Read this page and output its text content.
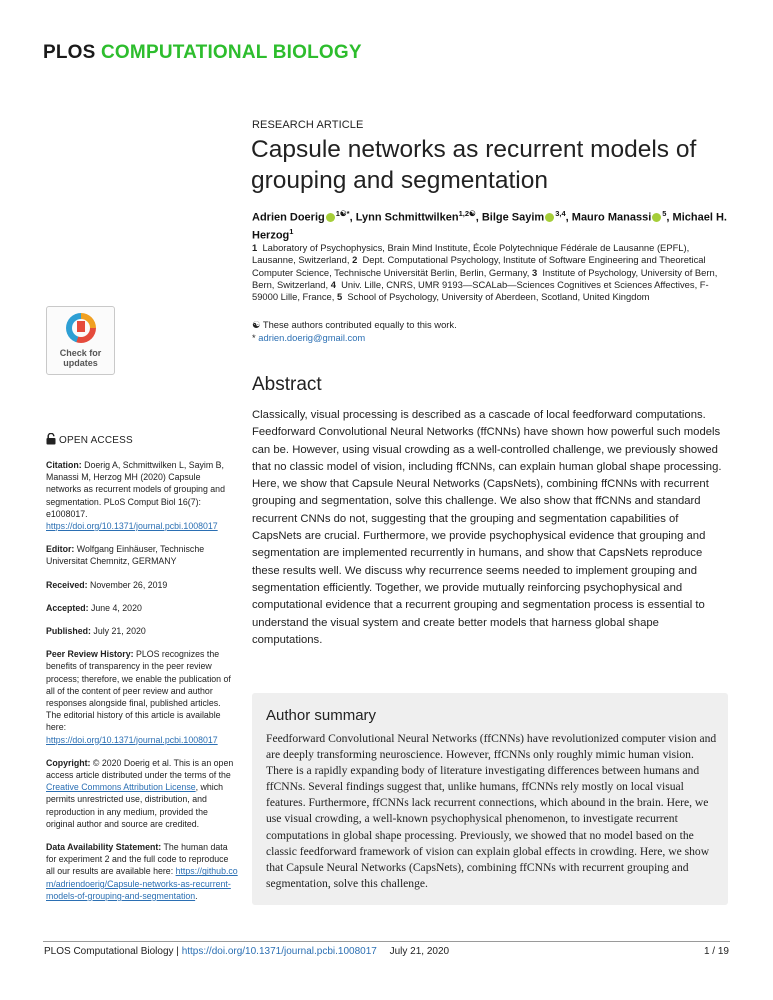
PLOS COMPUTATIONAL BIOLOGY
RESEARCH ARTICLE
Capsule networks as recurrent models of grouping and segmentation
Adrien Doerig $^{1☯*}$, Lynn Schmittwilken$^{1,2☯}$, Bilge Sayim $^{3,4}$, Mauro Manassi $^5$, Michael H. Herzog$^1$
1 Laboratory of Psychophysics, Brain Mind Institute, École Polytechnique Fédérale de Lausanne (EPFL), Lausanne, Switzerland, 2 Dept. Computational Psychology, Institute of Software Engineering and Theoretical Computer Science, Technische Universität Berlin, Berlin, Germany, 3 Institute of Psychology, University of Bern, Bern, Switzerland, 4 Univ. Lille, CNRS, UMR 9193—SCALab—Sciences Cognitives et Sciences Affectives, F-59000 Lille, France, 5 School of Psychology, University of Aberdeen, Scotland, United Kingdom
☯ These authors contributed equally to this work.
* adrien.doerig@gmail.com
Check for
updates
OPEN ACCESS
Citation: Doerig A, Schmittwilken L, Sayim B, Manassi M, Herzog MH (2020) Capsule networks as recurrent models of grouping and segmentation. PLoS Comput Biol 16(7): e1008017. https://doi.org/10.1371/journal.pcbi.1008017
Editor: Wolfgang Einhäuser, Technische Universitat Chemnitz, GERMANY
Received: November 26, 2019
Accepted: June 4, 2020
Published: July 21, 2020
Peer Review History: PLOS recognizes the benefits of transparency in the peer review process; therefore, we enable the publication of all of the content of peer review and author responses alongside final, published articles. The editorial history of this article is available here: https://doi.org/10.1371/journal.pcbi.1008017
Copyright: © 2020 Doerig et al. This is an open access article distributed under the terms of the Creative Commons Attribution License, which permits unrestricted use, distribution, and reproduction in any medium, provided the original author and source are credited.
Data Availability Statement: The human data for experiment 2 and the full code to reproduce all our results are available here: https://github.com/adriendoerig/Capsule-networks-as-recurrent-models-of-grouping-and-segmentation.
Abstract

Classically, visual processing is described as a cascade of local feedforward computations. Feedforward Convolutional Neural Networks (ffCNNs) have shown how powerful such models can be. However, using visual crowding as a well-controlled challenge, we previously showed that no classic model of vision, including ffCNNs, can explain human global shape processing. Here, we show that Capsule Neural Networks (CapsNets), combining ffCNNs with recurrent grouping and segmentation, solve this challenge. We also show that ffCNNs and standard recurrent CNNs do not, suggesting that the grouping and segmentation capabilities of CapsNets are crucial. Furthermore, we provide psychophysical evidence that grouping and segmentation are implemented recurrently in humans, and show that CapsNets reproduce these results well. We discuss why recurrence seems needed to implement grouping and segmentation efficiently. Together, we provide mutually reinforcing psychophysical and computational evidence that a recurrent grouping and segmentation process is essential to understand the visual system and create better models that harness global shape computations.

Author summary

Feedforward Convolutional Neural Networks (ffCNNs) have revolutionized computer vision and are deeply transforming neuroscience. However, ffCNNs only roughly mimic human vision. There is a rapidly expanding body of literature investigating differences between humans and ffCNNs. Several findings suggest that, unlike humans, ffCNNs rely mostly on local visual features. Furthermore, ffCNNs lack recurrent connections, which abound in the brain. Here, we use visual crowding, a well-known psychophysical phenomenon, to investigate recurrent computations in global shape processing. Previously, we showed that no model based on the classic feedforward framework of vision can explain global effects in crowding. Here, we show that Capsule Neural Networks (CapsNets), combining ffCNNs with recurrent grouping and segmentation, solve this challenge.

PLOS Computational Biology | https://doi.org/10.1371/journal.pcbi.1008017 July 21, 2020	1 / 19
